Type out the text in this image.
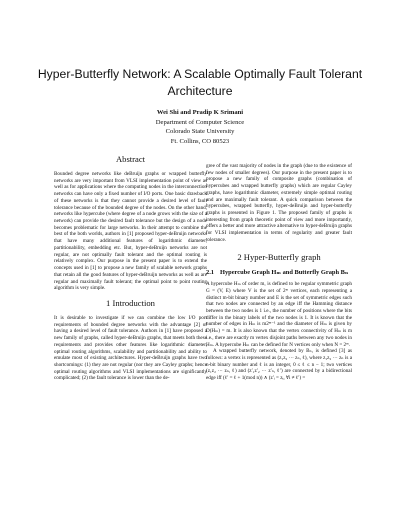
Hyper-Butterfly Network: A Scalable Optimally Fault Tolerant Architecture
Wei Shi and Pradip K Srimani
Department of Computer Science
Colorado State University
Ft. Collins, CO 80523
Abstract

Bounded degree networks like deBruijn graphs or wrapped butterfly networks are very important from VLSI implementation point of view as well as for applications where the computing nodes in the interconnection networks can have only a fixed number of I/O ports. One basic drawback of these networks is that they cannot provide a desired level of fault tolerance because of the bounded degree of the nodes. On the other hand, networks like hypercube (where degree of a node grows with the size of a network) can provide the desired fault tolerance but the design of a node becomes problematic for large networks. In their attempt to combine the best of the both worlds, authors in [1] proposed hyper-deBruijn networks that have many additional features of logarithmic diameter, partitionability, embedding etc. But, hyper-deBruijn networks are not regular, are not optimally fault tolerant and the optimal routing is relatively complex. Our purpose in the present paper is to extend the concepts used in [1] to propose a new family of scalable network graphs that retain all the good features of hyper-deBruijn networks as well as are regular and maximally fault tolerant; the optimal point to point routing algorithm is very simple.

1 Introduction

It is desirable to investigate if we can combine the low I/O port requirements of bounded degree networks with the advantage [2] of having a desired level of fault tolerance. Authors in [1] have proposed a new family of graphs, called hyper-deBruijn graphs, that meets both these requirements and provides other features like logarithmic diameter, optimal routing algorithms, scalability and partitionability and ability to emulate most of existing architectures. Hyper-deBruijn graphs have two shortcomings: (1) they are not regular (nor they are Cayley graphs; hence optimal routing algorithms and VLSI implementations are significantly complicated; (2) the fault tolerance is lower than the de-

gree of the vast majority of nodes in the graph (due to the existence of few nodes of smaller degrees). Our purpose in the present paper is to propose a new family of composite graphs (combination of hypercubes and wrapped butterfly graphs) which are regular Cayley graphs, have logarithmic diameter, extremely simple optimal routing and are maximally fault tolerant. A quick comparison between the hypercubes, wrapped butterfly, hyper-deBruijn and hyper-butterfly graphs is presented in Figure 1. The proposed family of graphs is interesting from graph theoretic point of view and more importantly, offers a better and more attractive alternative to hyper-deBruijn graphs for VLSI implementation in terms of regularity and greater fault tolerance.

2 Hyper-Butterfly graph
2.1 Hypercube Graph Hₘ and Butterfly Graph Bₙ

A hypercube Hₘ of order m, is defined to be regular symmetric graph G = (V, E) where V is the set of 2ᵐ vertices, each representing a distinct m-bit binary number and E is the set of symmetric edges such that two nodes are connected by an edge iff the Hamming distance between the two nodes is 1 i.e., the number of positions where the bits differ in the binary labels of the two nodes is 1. It is known that the number of edges in Hₘ is m2ᵐ⁻¹ and the diameter of Hₘ is given by D(Hₘ) = m. It is also known that the vertex connectivity of Hₘ is m i.e., there are exactly m vertex disjoint paths between any two nodes in Hₘ. A hypercube Hₘ can be defined for N vertices only when N = 2ᵐ.

A wrapped butterfly network, denoted by Bₙ, is defined [3] as follows: a vertex is represented as (z₁z₂ ··· zₙ, ℓ), where z₁z₂ ··· zₙ is a n-bit binary number and ℓ is an integer, 0 ≤ ℓ ≤ n − 1; two vertices (z₁z₂ ··· zₙ, ℓ) and (z′₁z′₂ ··· z′ₙ, ℓ′) are connected by a bidirectional edge iff (ℓ′ = ℓ + 1(mod n)) ∧ (z′ᵢ = zᵢ, ∀i ≠ ℓ′) =
